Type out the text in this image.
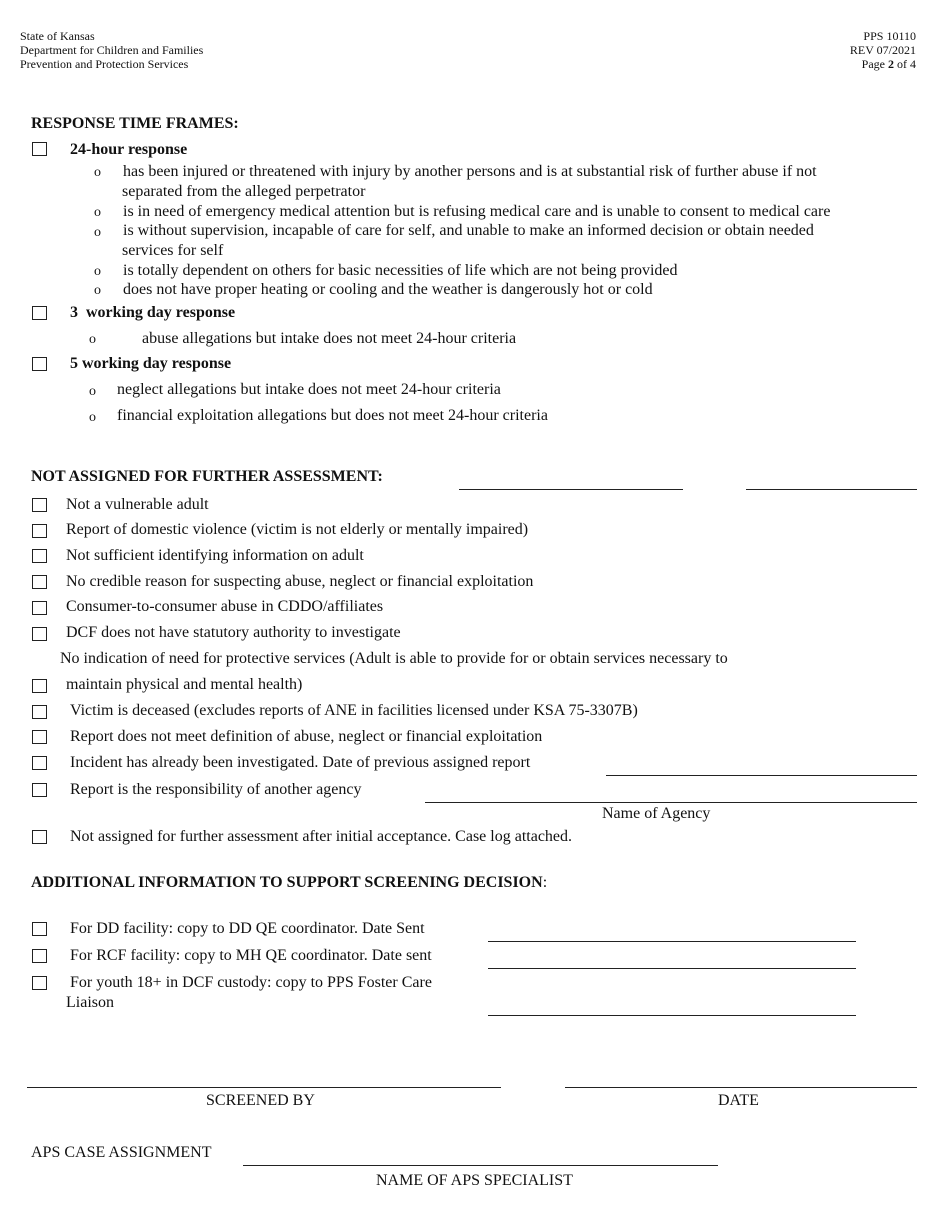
State of Kansas
Department for Children and Families
Prevention and Protection Services
PPS 10110
REV 07/2021
Page 2 of 4
RESPONSE TIME FRAMES:
24-hour response
o has been injured or threatened with injury by another persons and is at substantial risk of further abuse if not
separated from the alleged perpetrator
o is in need of emergency medical attention but is refusing medical care and is unable to consent to medical care
o is without supervision, incapable of care for self, and unable to make an informed decision or obtain needed
services for self
o is totally dependent on others for basic necessities of life which are not being provided
o does not have proper heating or cooling and the weather is dangerously hot or cold
3 working day response
o	abuse allegations but intake does not meet 24-hour criteria
5 working day response
o neglect allegations but intake does not meet 24-hour criteria
o financial exploitation allegations but does not meet 24-hour criteria
NOT ASSIGNED FOR FURTHER ASSESSMENT:
Not a vulnerable adult
Report of domestic violence (victim is not elderly or mentally impaired)
Not sufficient identifying information on adult
No credible reason for suspecting abuse, neglect or financial exploitation
Consumer-to-consumer abuse in CDDO/affiliates
DCF does not have statutory authority to investigate
No indication of need for protective services (Adult is able to provide for or obtain services necessary to
maintain physical and mental health)
Victim is deceased (excludes reports of ANE in facilities licensed under KSA 75-3307B)
Report does not meet definition of abuse, neglect or financial exploitation
Incident has already been investigated. Date of previous assigned report
Report is the responsibility of another agency
Name of Agency
Not assigned for further assessment after initial acceptance. Case log attached.
ADDITIONAL INFORMATION TO SUPPORT SCREENING DECISION:
For DD facility: copy to DD QE coordinator. Date Sent
For RCF facility: copy to MH QE coordinator. Date sent
For youth 18+ in DCF custody: copy to PPS Foster Care
Liaison
SCREENED BY	DATE
APS CASE ASSIGNMENT
NAME OF APS SPECIALIST
